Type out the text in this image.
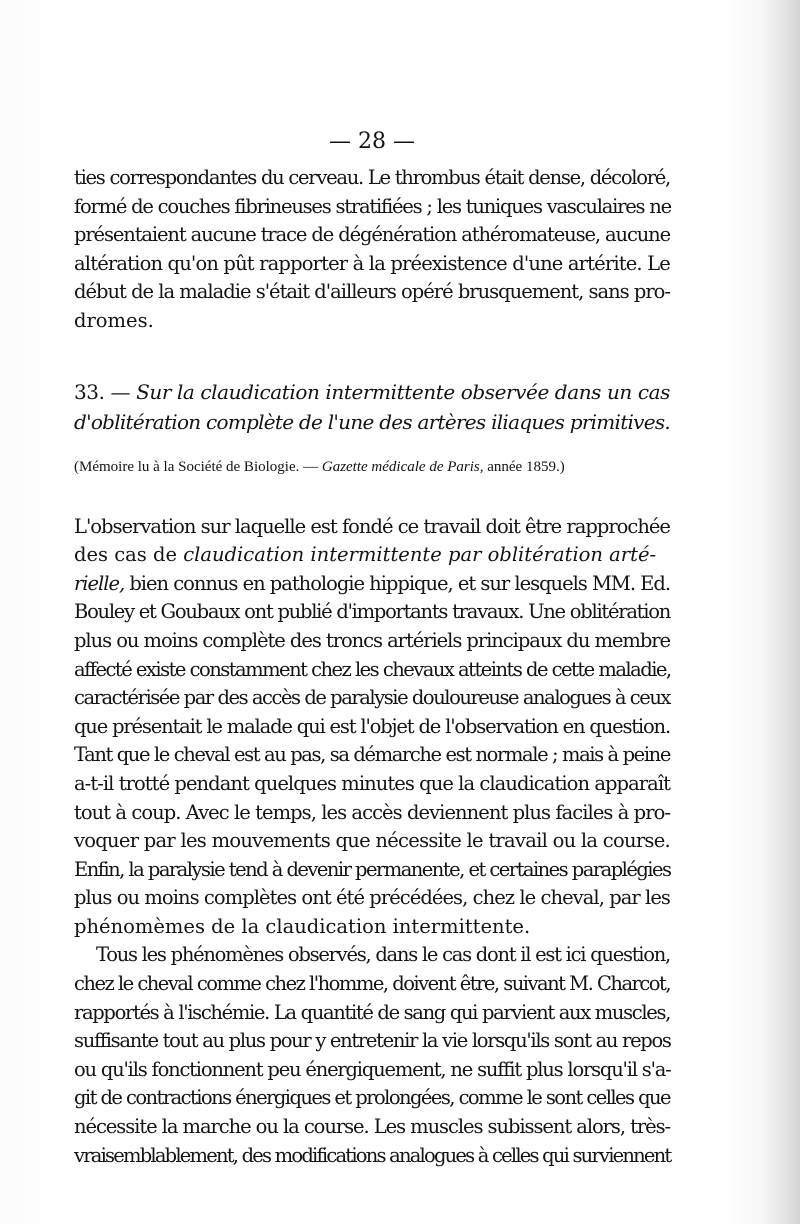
— 28 —
ties correspondantes du cerveau. Le thrombus était dense, décoloré,
formé de couches fibrineuses stratifiées ; les tuniques vasculaires ne
présentaient aucune trace de dégénération athéromateuse, aucune
altération qu'on pût rapporter à la préexistence d'une artérite. Le
début de la maladie s'était d'ailleurs opéré brusquement, sans pro-
dromes.
33. — Sur la claudication intermittente observée dans un cas
d'oblitération complète de l'une des artères iliaques primitives.
(Mémoire lu à la Société de Biologie. — Gazette médicale de Paris, année 1859.)
L'observation sur laquelle est fondé ce travail doit être rapprochée
des cas de claudication intermittente par oblitération arté-
rielle, bien connus en pathologie hippique, et sur lesquels MM. Ed.
Bouley et Goubaux ont publié d'importants travaux. Une oblitération
plus ou moins complète des troncs artériels principaux du membre
affecté existe constamment chez les chevaux atteints de cette maladie,
caractérisée par des accès de paralysie douloureuse analogues à ceux
que présentait le malade qui est l'objet de l'observation en question.
Tant que le cheval est au pas, sa démarche est normale ; mais à peine
a-t-il trotté pendant quelques minutes que la claudication apparaît
tout à coup. Avec le temps, les accès deviennent plus faciles à pro-
voquer par les mouvements que nécessite le travail ou la course.
Enfin, la paralysie tend à devenir permanente, et certaines paraplégies
plus ou moins complètes ont été précédées, chez le cheval, par les
phénomèmes de la claudication intermittente.
Tous les phénomènes observés, dans le cas dont il est ici question,
chez le cheval comme chez l'homme, doivent être, suivant M. Charcot,
rapportés à l'ischémie. La quantité de sang qui parvient aux muscles,
suffisante tout au plus pour y entretenir la vie lorsqu'ils sont au repos
ou qu'ils fonctionnent peu énergiquement, ne suffit plus lorsqu'il s'a-
git de contractions énergiques et prolongées, comme le sont celles que
nécessite la marche ou la course. Les muscles subissent alors, très-
vraisemblablement, des modifications analogues à celles qui surviennent
